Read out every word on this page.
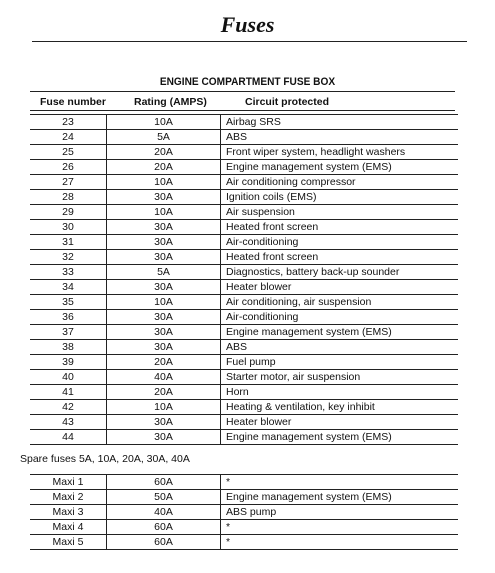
Fuses
ENGINE COMPARTMENT FUSE BOX
Fuse number	Rating (AMPS)	Circuit protected
23	10A	Airbag SRS
24	5A	ABS
25	20A	Front wiper system, headlight washers
26	20A	Engine management system (EMS)
27	10A	Air conditioning compressor
28	30A	Ignition coils (EMS)
29	10A	Air suspension
30	30A	Heated front screen
31	30A	Air-conditioning
32	30A	Heated front screen
33	5A	Diagnostics, battery back-up sounder
34	30A	Heater blower
35	10A	Air conditioning, air suspension
36	30A	Air-conditioning
37	30A	Engine management system (EMS)
38	30A	ABS
39	20A	Fuel pump
40	40A	Starter motor, air suspension
41	20A	Horn
42	10A	Heating & ventilation, key inhibit
43	30A	Heater blower
44	30A	Engine management system (EMS)
Spare fuses 5A, 10A, 20A, 30A, 40A
Maxi 1	60A	*
Maxi 2	50A	Engine management system (EMS)
Maxi 3	40A	ABS pump
Maxi 4	60A	*
Maxi 5	60A	*
